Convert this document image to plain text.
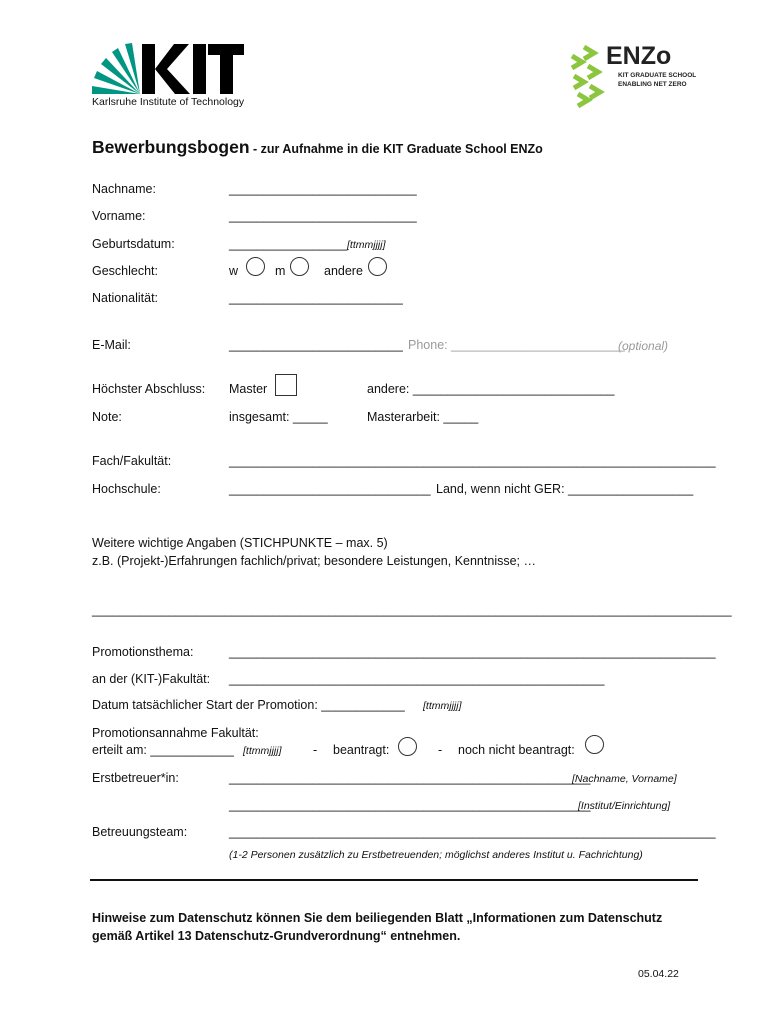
Karlsruhe Institute of Technology
ENZo
KIT GRADUATE SCHOOL
ENABLING NET ZERO
Bewerbungsbogen - zur Aufnahme in die KIT Graduate School ENZo
Nachname:	___________________________
Vorname:	___________________________
Geburtsdatum:	_________________ [ttmmjjjj]
Geschlecht:	w	m	andere
Nationalität:	_________________________
E-Mail:	_________________________ Phone: _________________________
(optional)
Höchster Abschluss: Master	andere: _____________________________
Note:	insgesamt: _____	Masterarbeit: _____
Fach/Fakultät:	______________________________________________________________________
Hochschule:	_____________________________ Land, wenn nicht GER: __________________
Weitere wichtige Angaben (STICHPUNKTE – max. 5)
z.B. (Projekt-)Erfahrungen fachlich/privat; besondere Leistungen, Kenntnisse; …
____________________________________________________________________________________________
Promotionsthema:	______________________________________________________________________
an der (KIT-)Fakultät: ______________________________________________________
Datum tatsächlicher Start der Promotion: ____________ [ttmmjjjj]
Promotionsannahme Fakultät:
erteilt am: ____________ [ttmmjjjj]	- beantragt:	- noch nicht beantragt:
Erstbetreuer*in:	____________________________________________________
[Nachname, Vorname]
____________________________________________________
[Institut/Einrichtung]
Betreuungsteam:	______________________________________________________________________
(1-2 Personen zusätzlich zu Erstbetreuenden; möglichst anderes Institut u. Fachrichtung)
Hinweise zum Datenschutz können Sie dem beiliegenden Blatt „Informationen zum Datenschutz
gemäß Artikel 13 Datenschutz-Grundverordnung“ entnehmen.
05.04.22
